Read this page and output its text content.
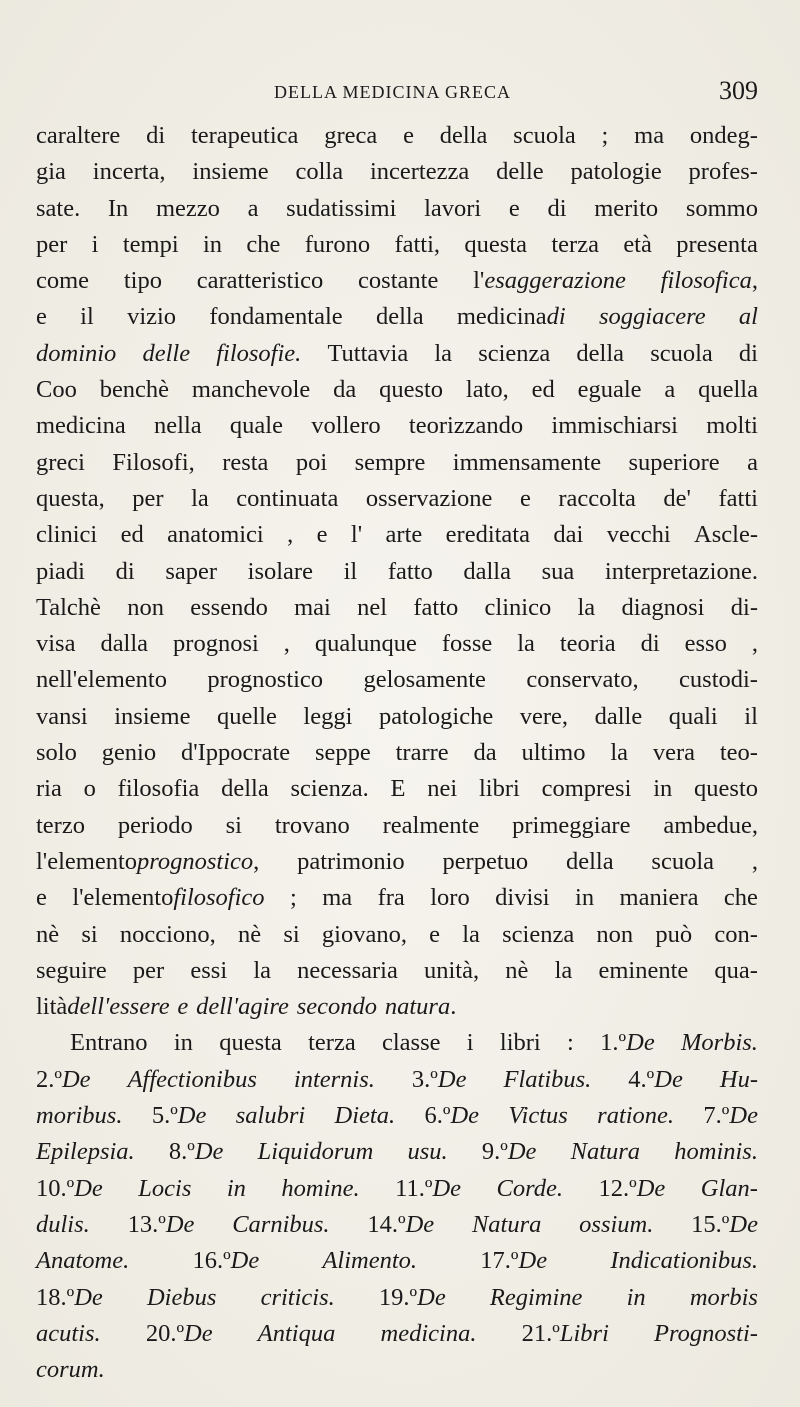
DELLA MEDICINA GRECA	309
caraltere di terapeutica greca e della scuola ; ma ondeg-
gia incerta, insieme colla incertezza delle patologie profes-
sate. In mezzo a sudatissimi lavori e di merito sommo
per i tempi in che furono fatti, questa terza età presenta
come tipo caratteristico costante l'esaggerazione filosofica,
e il vizio fondamentale della medicinadi soggiacere al
dominio delle filosofie. Tuttavia la scienza della scuola di
Coo benchè manchevole da questo lato, ed eguale a quella
medicina nella quale vollero teorizzando immischiarsi molti
greci Filosofi, resta poi sempre immensamente superiore a
questa, per la continuata osservazione e raccolta de' fatti
clinici ed anatomici , e l' arte ereditata dai vecchi Ascle-
piadi di saper isolare il fatto dalla sua interpretazione.
Talchè non essendo mai nel fatto clinico la diagnosi di-
visa dalla prognosi , qualunque fosse la teoria di esso ,
nell'elemento prognostico gelosamente conservato, custodi-
vansi insieme quelle leggi patologiche vere, dalle quali il
solo genio d'Ippocrate seppe trarre da ultimo la vera teo-
ria o filosofia della scienza. E nei libri compresi in questo
terzo periodo si trovano realmente primeggiare ambedue,
l'elementoprognostico, patrimonio perpetuo della scuola ,
e l'elementofilosofico ; ma fra loro divisi in maniera che
nè si nocciono, nè si giovano, e la scienza non può con-
seguire per essi la necessaria unità, nè la eminente qua-
litàdell'essere e dell'agire secondo natura.
Entrano in questa terza classe i libri : 1.ºDe Morbis.
2.ºDe Affectionibus internis. 3.ºDe Flatibus. 4.ºDe Hu-
moribus. 5.ºDe salubri Dieta. 6.ºDe Victus ratione. 7.ºDe
Epilepsia. 8.ºDe Liquidorum usu. 9.ºDe Natura hominis.
10.ºDe Locis in homine. 11.ºDe Corde. 12.ºDe Glan-
dulis. 13.ºDe Carnibus. 14.ºDe Natura ossium. 15.ºDe
Anatome.	16.ºDe	Alimento.	17.ºDe	Indicationibus.
18.ºDe Diebus criticis. 19.ºDe Regimine in morbis
acutis. 20.ºDe Antiqua medicina. 21.ºLibri Prognosti-
corum.
